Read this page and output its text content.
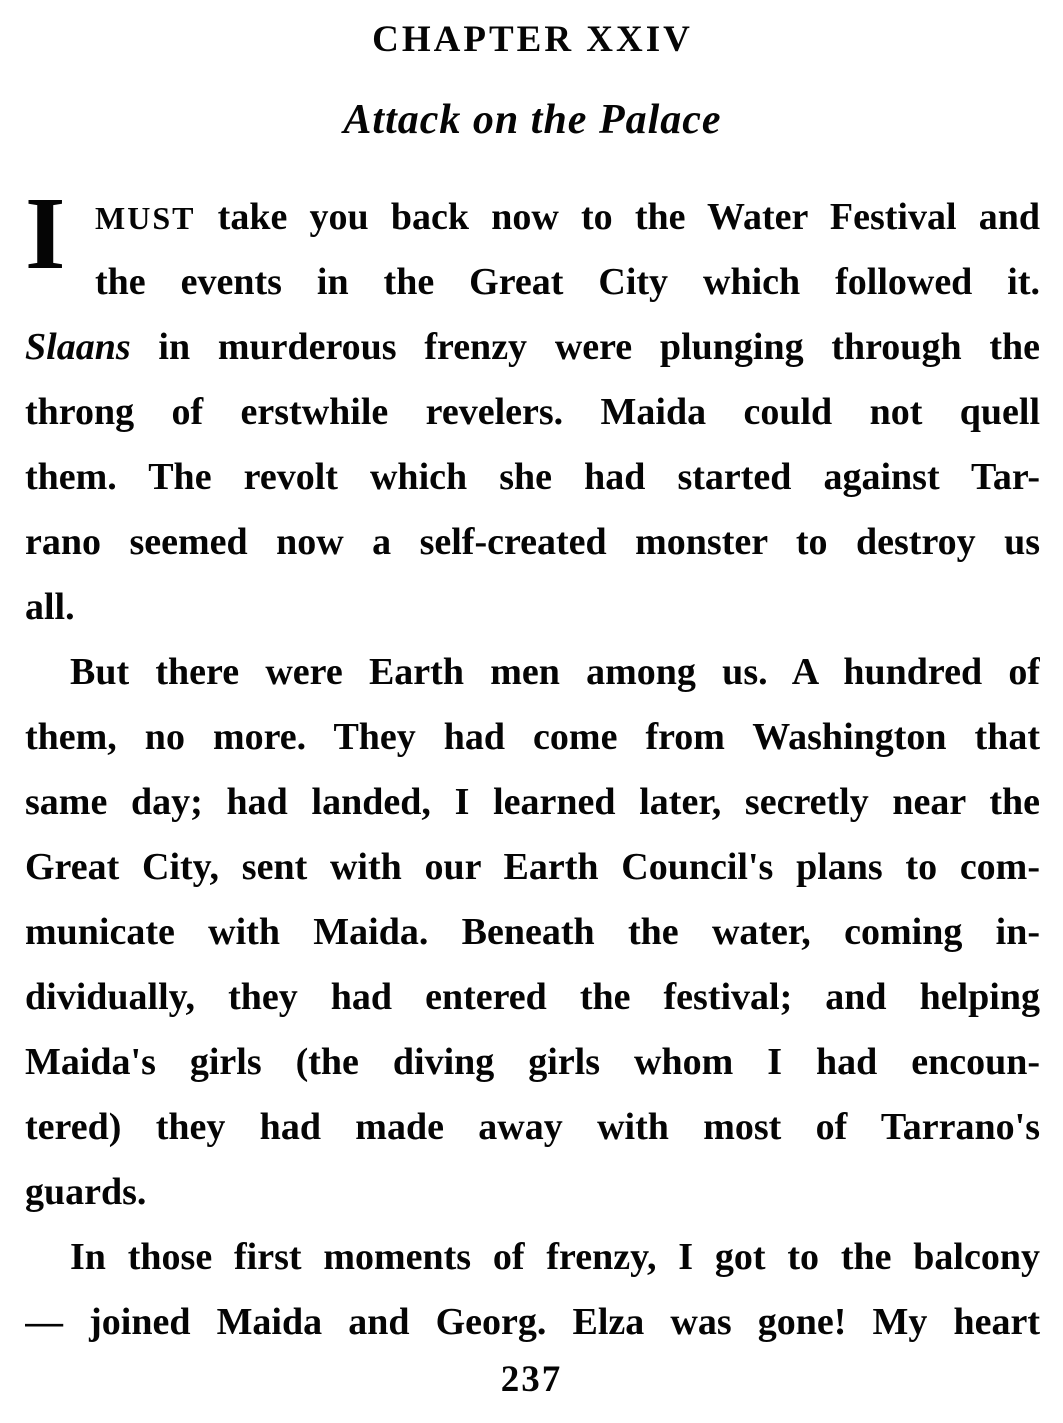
CHAPTER XXIV
Attack on the Palace
I MUST take you back now to the Water Festival and
the events in the Great City which followed it.
Slaans in murderous frenzy were plunging through the
throng of erstwhile revelers. Maida could not quell
them. The revolt which she had started against Tar-
rano seemed now a self-created monster to destroy us
all.
But there were Earth men among us. A hundred of
them, no more. They had come from Washington that
same day; had landed, I learned later, secretly near the
Great City, sent with our Earth Council's plans to com-
municate with Maida. Beneath the water, coming in-
dividually, they had entered the festival; and helping
Maida's girls (the diving girls whom I had encoun-
tered) they had made away with most of Tarrano's
guards.
In those first moments of frenzy, I got to the balcony
— joined Maida and Georg. Elza was gone! My heart
237
